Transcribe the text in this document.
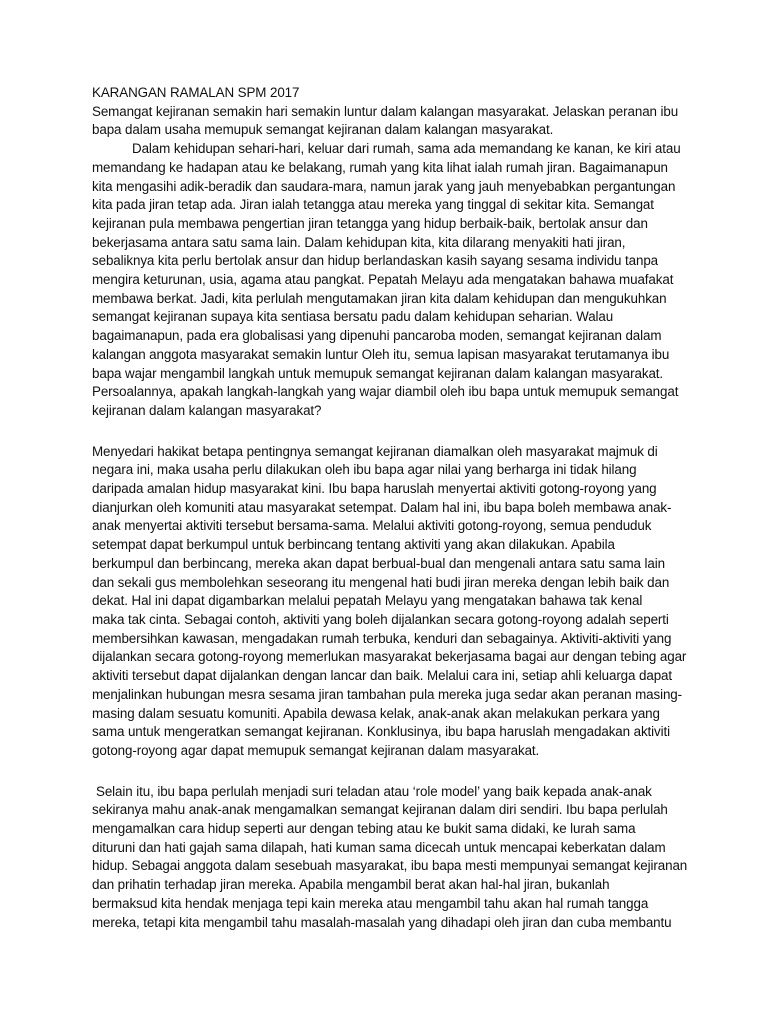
KARANGAN RAMALAN SPM 2017
Semangat kejiranan semakin hari semakin luntur dalam kalangan masyarakat. Jelaskan peranan ibu
bapa dalam usaha memupuk semangat kejiranan dalam kalangan masyarakat.
Dalam kehidupan sehari-hari, keluar dari rumah, sama ada memandang ke kanan, ke kiri atau
memandang ke hadapan atau ke belakang, rumah yang kita lihat ialah rumah jiran. Bagaimanapun
kita mengasihi adik-beradik dan saudara-mara, namun jarak yang jauh menyebabkan pergantungan
kita pada jiran tetap ada. Jiran ialah tetangga atau mereka yang tinggal di sekitar kita. Semangat
kejiranan pula membawa pengertian jiran tetangga yang hidup berbaik-baik, bertolak ansur dan
bekerjasama antara satu sama lain. Dalam kehidupan kita, kita dilarang menyakiti hati jiran,
sebaliknya kita perlu bertolak ansur dan hidup berlandaskan kasih sayang sesama individu tanpa
mengira keturunan, usia, agama atau pangkat. Pepatah Melayu ada mengatakan bahawa muafakat
membawa berkat. Jadi, kita perlulah mengutamakan jiran kita dalam kehidupan dan mengukuhkan
semangat kejiranan supaya kita sentiasa bersatu padu dalam kehidupan seharian. Walau
bagaimanapun, pada era globalisasi yang dipenuhi pancaroba moden, semangat kejiranan dalam
kalangan anggota masyarakat semakin luntur Oleh itu, semua lapisan masyarakat terutamanya ibu
bapa wajar mengambil langkah untuk memupuk semangat kejiranan dalam kalangan masyarakat.
Persoalannya, apakah langkah-langkah yang wajar diambil oleh ibu bapa untuk memupuk semangat
kejiranan dalam kalangan masyarakat?
Menyedari hakikat betapa pentingnya semangat kejiranan diamalkan oleh masyarakat majmuk di
negara ini, maka usaha perlu dilakukan oleh ibu bapa agar nilai yang berharga ini tidak hilang
daripada amalan hidup masyarakat kini. Ibu bapa haruslah menyertai aktiviti gotong-royong yang
dianjurkan oleh komuniti atau masyarakat setempat. Dalam hal ini, ibu bapa boleh membawa anak-
anak menyertai aktiviti tersebut bersama-sama. Melalui aktiviti gotong-royong, semua penduduk
setempat dapat berkumpul untuk berbincang tentang aktiviti yang akan dilakukan. Apabila
berkumpul dan berbincang, mereka akan dapat berbual-bual dan mengenali antara satu sama lain
dan sekali gus membolehkan seseorang itu mengenal hati budi jiran mereka dengan lebih baik dan
dekat. Hal ini dapat digambarkan melalui pepatah Melayu yang mengatakan bahawa tak kenal
maka tak cinta. Sebagai contoh, aktiviti yang boleh dijalankan secara gotong-royong adalah seperti
membersihkan kawasan, mengadakan rumah terbuka, kenduri dan sebagainya. Aktiviti-aktiviti yang
dijalankan secara gotong-royong memerlukan masyarakat bekerjasama bagai aur dengan tebing agar
aktiviti tersebut dapat dijalankan dengan lancar dan baik. Melalui cara ini, setiap ahli keluarga dapat
menjalinkan hubungan mesra sesama jiran tambahan pula mereka juga sedar akan peranan masing-
masing dalam sesuatu komuniti. Apabila dewasa kelak, anak-anak akan melakukan perkara yang
sama untuk mengeratkan semangat kejiranan. Konklusinya, ibu bapa haruslah mengadakan aktiviti
gotong-royong agar dapat memupuk semangat kejiranan dalam masyarakat.
Selain itu, ibu bapa perlulah menjadi suri teladan atau ‘role model’ yang baik kepada anak-anak
sekiranya mahu anak-anak mengamalkan semangat kejiranan dalam diri sendiri. Ibu bapa perlulah
mengamalkan cara hidup seperti aur dengan tebing atau ke bukit sama didaki, ke lurah sama
dituruni dan hati gajah sama dilapah, hati kuman sama dicecah untuk mencapai keberkatan dalam
hidup. Sebagai anggota dalam sesebuah masyarakat, ibu bapa mesti mempunyai semangat kejiranan
dan prihatin terhadap jiran mereka. Apabila mengambil berat akan hal-hal jiran, bukanlah
bermaksud kita hendak menjaga tepi kain mereka atau mengambil tahu akan hal rumah tangga
mereka, tetapi kita mengambil tahu masalah-masalah yang dihadapi oleh jiran dan cuba membantu
